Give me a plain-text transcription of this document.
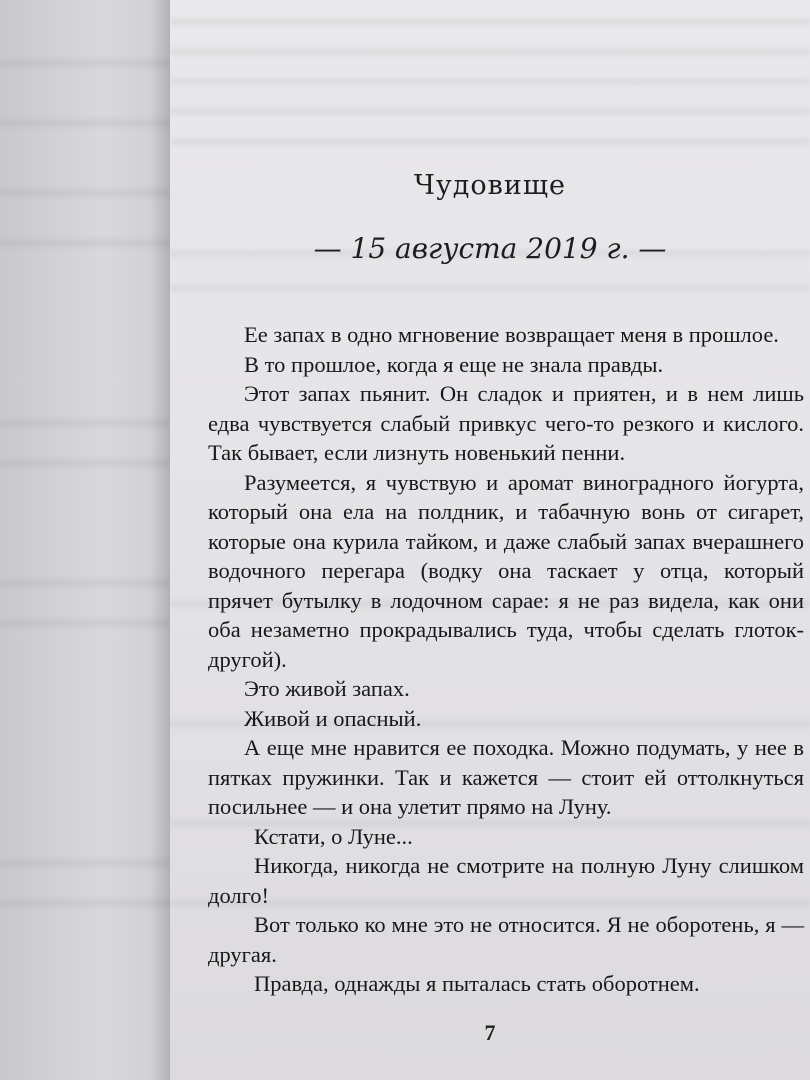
Чудовище
— 15 августа 2019 г. —

Ее запах в одно мгновение возвращает меня в прошлое.

В то прошлое, когда я еще не знала правды.

Этот запах пьянит. Он сладок и приятен, и в нем лишь едва чувствуется слабый привкус чего-то резкого и кислого. Так бывает, если лизнуть новенький пенни.

Разумеется, я чувствую и аромат виноградного йогурта, который она ела на полдник, и табачную вонь от сигарет, которые она курила тайком, и даже слабый запах вчерашнего водочного перегара (водку она таскает у отца, который прячет бутылку в лодочном сарае: я не раз видела, как они оба незаметно прокрадывались туда, чтобы сделать глоток-другой).

Это живой запах.

Живой и опасный.

А еще мне нравится ее походка. Можно подумать, у нее в пятках пружинки. Так и кажется — стоит ей оттолкнуться посильнее — и она улетит прямо на Луну.

Кстати, о Луне...

Никогда, никогда не смотрите на полную Луну слишком долго!

Вот только ко мне это не относится. Я не оборотень, я — другая.

Правда, однажды я пыталась стать оборотнем.

7
